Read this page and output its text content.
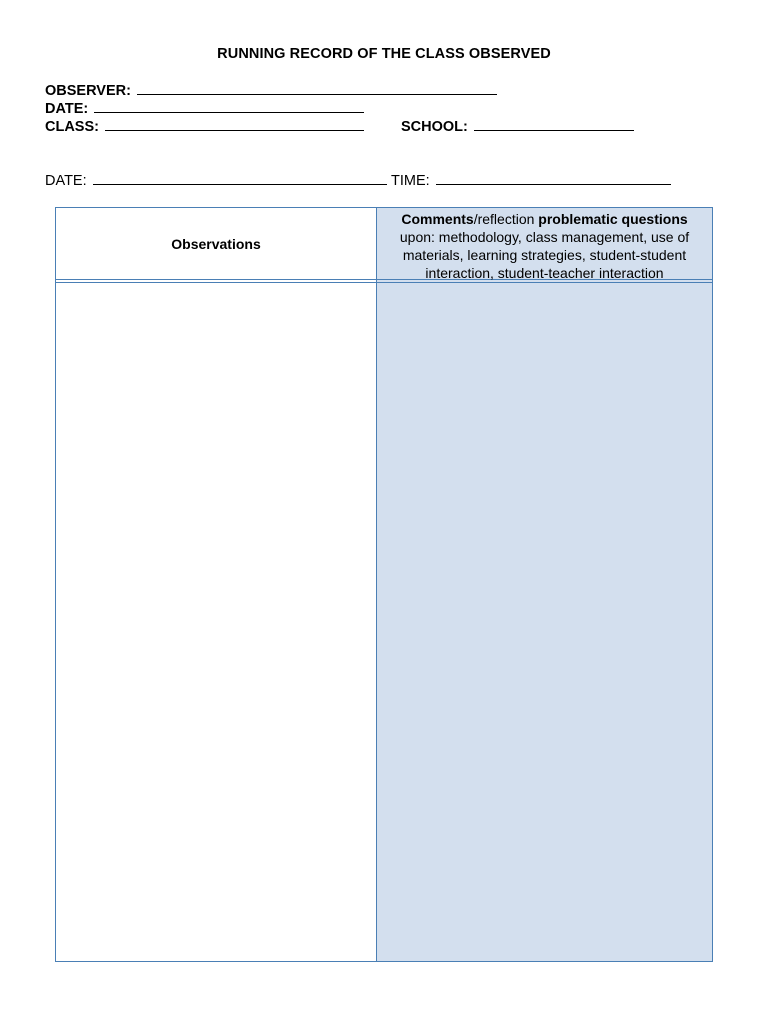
RUNNING RECORD OF THE CLASS OBSERVED
OBSERVER:
DATE:
CLASS:	SCHOOL:
DATE:	TIME:
Observations
Comments/reflection problematic questions upon: methodology, class management, use of materials, learning strategies, student-student interaction, student-teacher interaction
